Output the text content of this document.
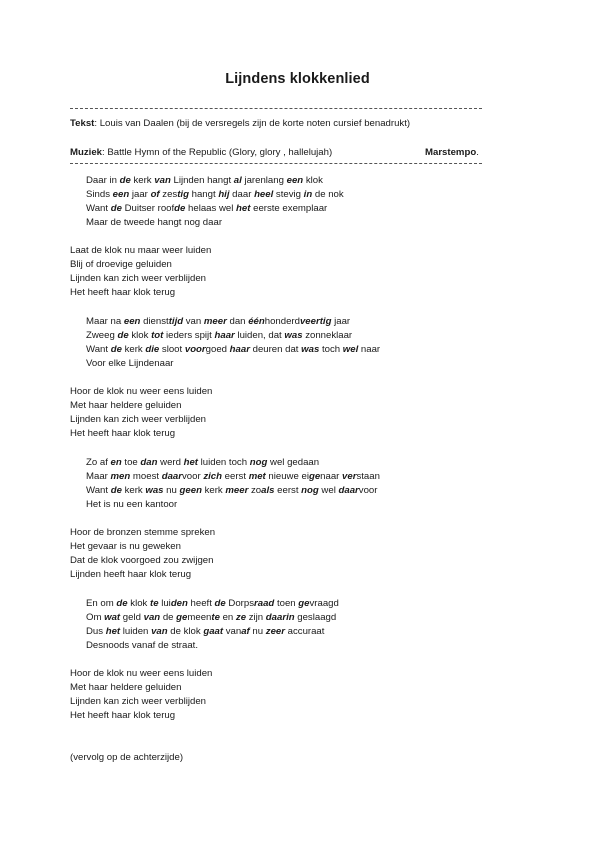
Lijndens klokkenlied
Tekst: Louis van Daalen (bij de versregels zijn de korte noten cursief benadrukt)
Muziek: Battle Hymn of the Republic (Glory, glory , hallelujah)	Marstempo.
Daar in de kerk van Lijnden hangt al jarenlang een klok
Sinds een jaar of zestig hangt hij daar heel stevig in de nok
Want de Duitser roofde helaas wel het eerste exemplaar
Maar de tweede hangt nog daar
Laat de klok nu maar weer luiden
Blij of droevige geluiden
Lijnden kan zich weer verblijden
Het heeft haar klok terug
Maar na een diensttijd van meer dan éénhonderdveertig jaar
Zweeg de klok tot ieders spijt haar luiden, dat was zonneklaar
Want de kerk die sloot voorgoed haar deuren dat was toch wel naar
Voor elke Lijndenaar
Hoor de klok nu weer eens luiden
Met haar heldere geluiden
Lijnden kan zich weer verblijden
Het heeft haar klok terug
Zo af en toe dan werd het luiden toch nog wel gedaan
Maar men moest daarvoor zich eerst met nieuwe eigenaar verstaan
Want de kerk was nu geen kerk meer zoals eerst nog wel daarvoor
Het is nu een kantoor
Hoor de bronzen stemme spreken
Het gevaar is nu geweken
Dat de klok voorgoed zou zwijgen
Lijnden heeft haar klok terug
En om de klok te luiden heeft de Dorpsraad toen gevraagd
Om wat geld van de gemeente en ze zijn daarin geslaagd
Dus het luiden van de klok gaat vanaf nu zeer accuraat
Desnoods vanaf de straat.
Hoor de klok nu weer eens luiden
Met haar heldere geluiden
Lijnden kan zich weer verblijden
Het heeft haar klok terug
(vervolg op de achterzijde)
